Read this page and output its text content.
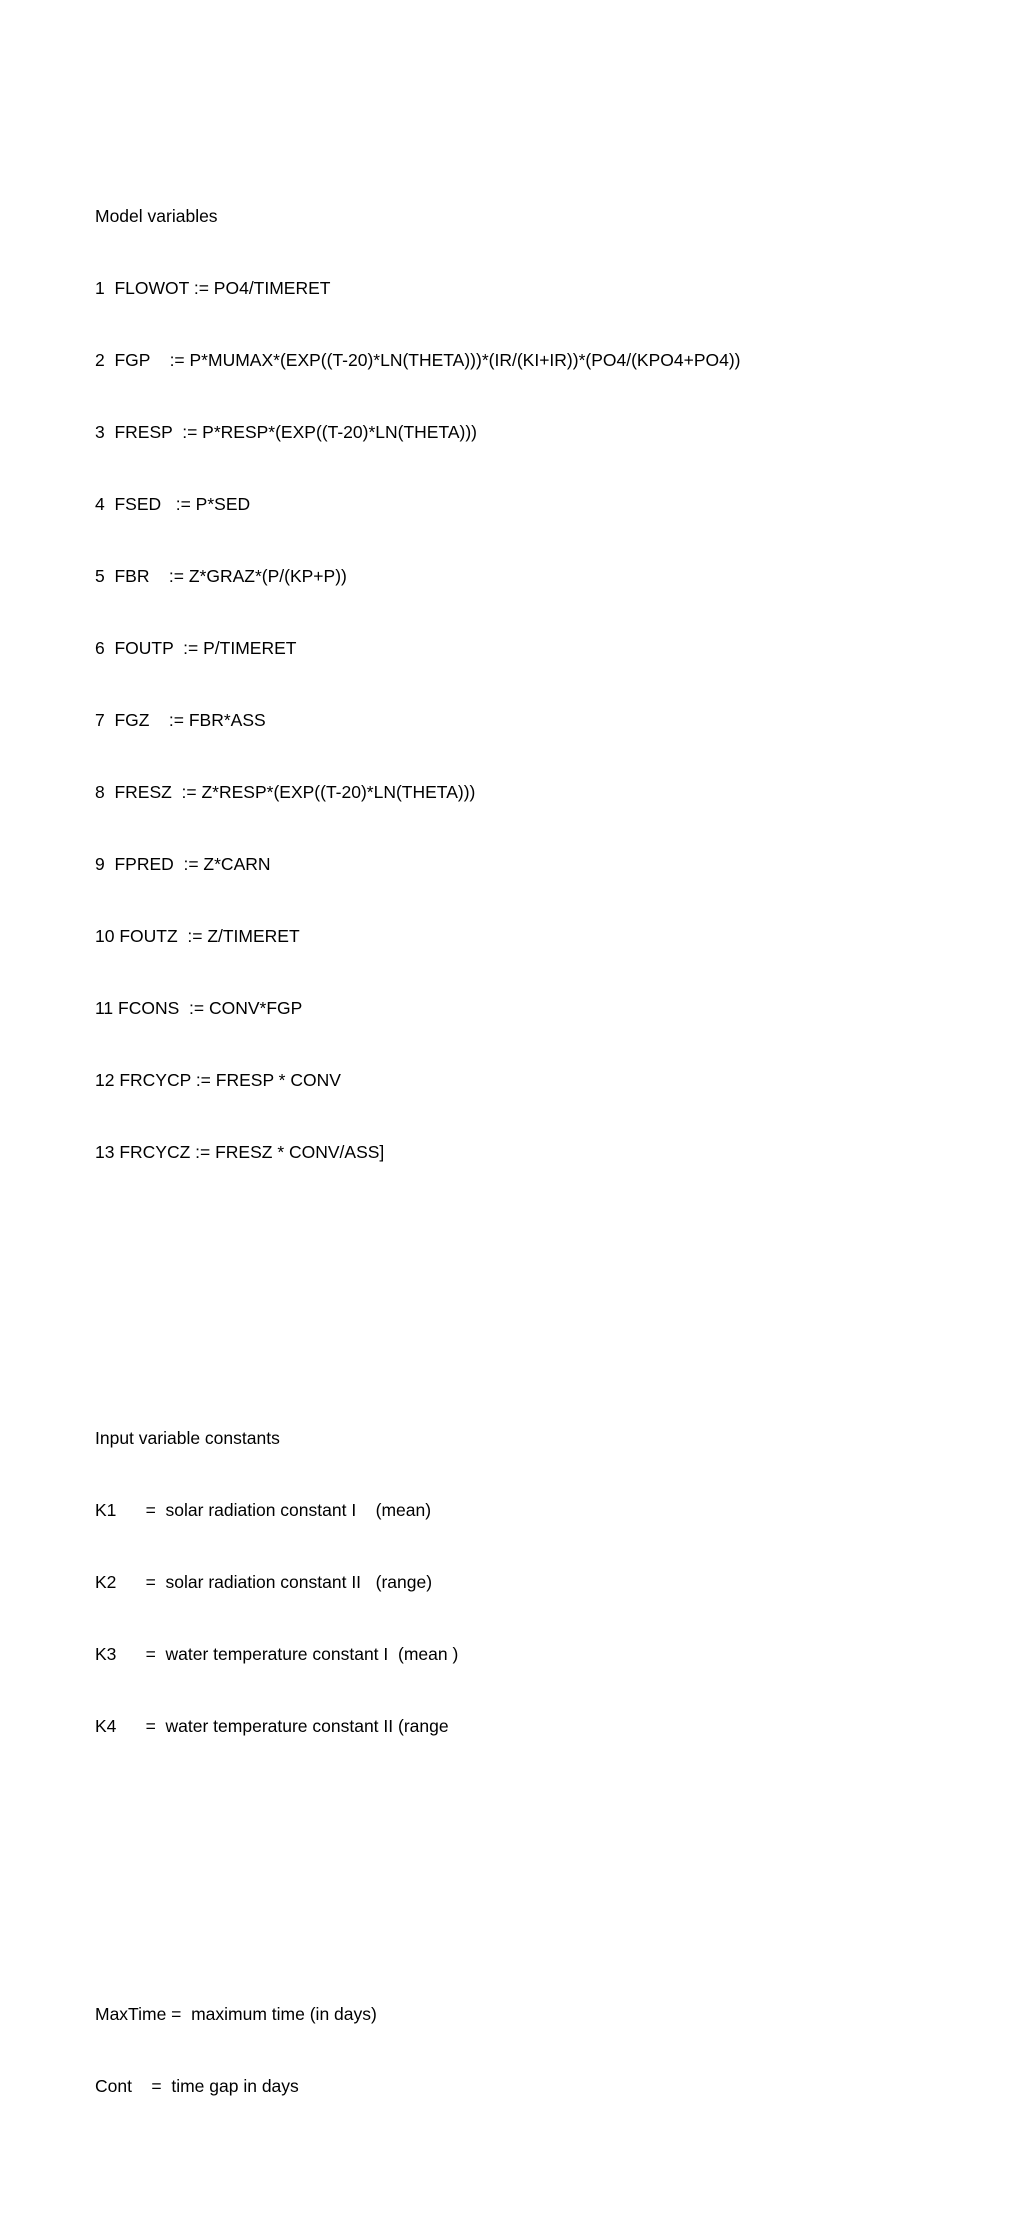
Model variables

1  FLOWOT := PO4/TIMERET

2  FGP    := P*MUMAX*(EXP((T-20)*LN(THETA)))*(IR/(KI+IR))*(PO4/(KPO4+PO4))

3  FRESP  := P*RESP*(EXP((T-20)*LN(THETA)))

4  FSED   := P*SED

5  FBR    := Z*GRAZ*(P/(KP+P))

6  FOUTP  := P/TIMERET

7  FGZ    := FBR*ASS

8  FRESZ  := Z*RESP*(EXP((T-20)*LN(THETA)))

9  FPRED  := Z*CARN

10 FOUTZ  := Z/TIMERET

11 FCONS  := CONV*FGP

12 FRCYCP := FRESP * CONV

13 FRCYCZ := FRESZ * CONV/ASS]

Input variable constants

K1      =  solar radiation constant I    (mean)

K2      =  solar radiation constant II   (range)

K3      =  water temperature constant I  (mean )

K4      =  water temperature constant II (range

MaxTime =  maximum time (in days)

Cont    =  time gap in days
